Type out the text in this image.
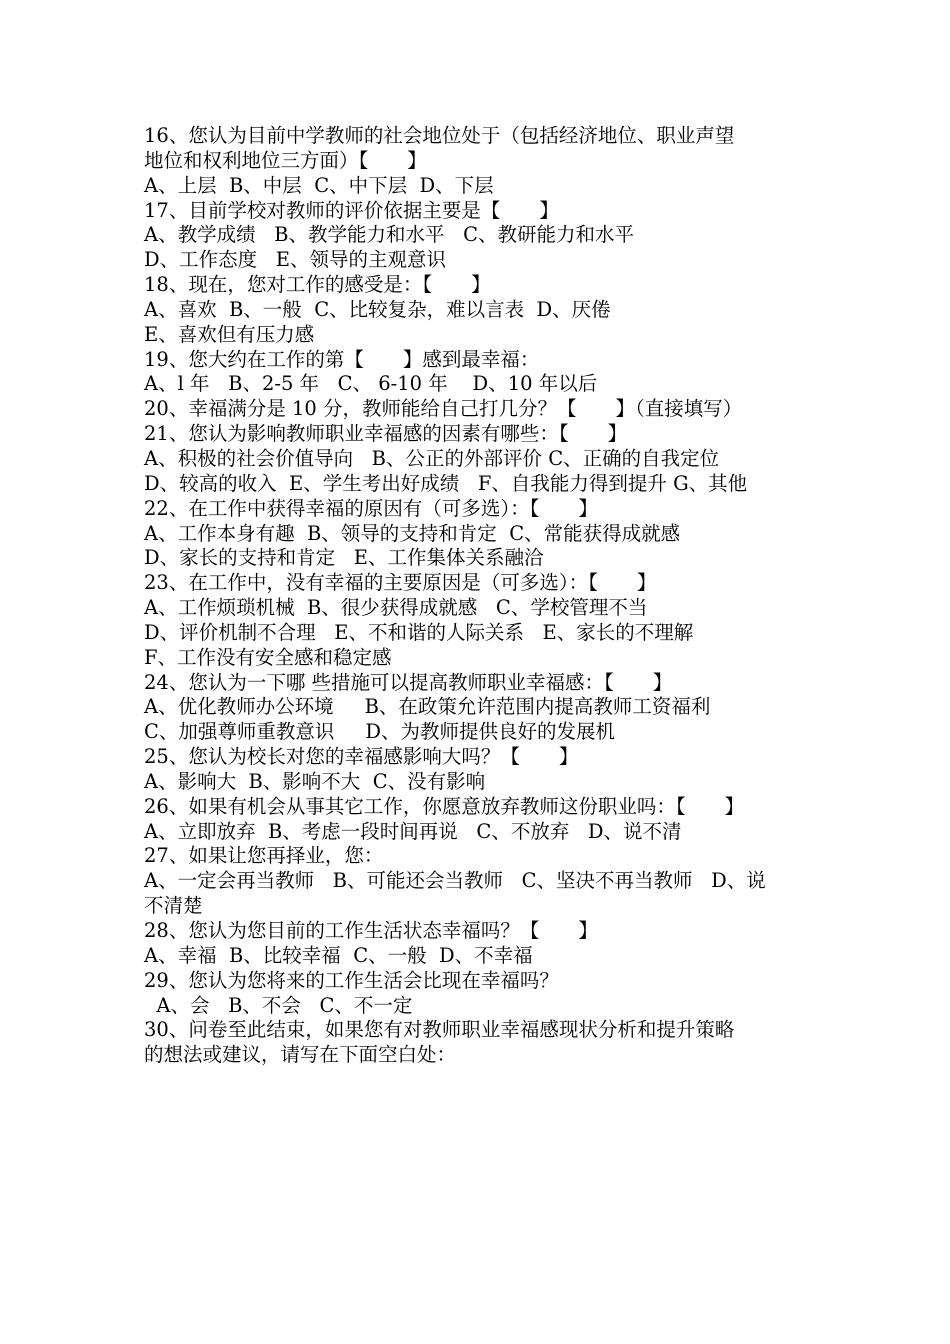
16、您认为目前中学教师的社会地位处于（包括经济地位、职业声望
地位和权利地位三方面）【　　】
A、上层  B、中层  C、中下层  D、下层
17、目前学校对教师的评价依据主要是【　　】
A、教学成绩   B、教学能力和水平   C、教研能力和水平
D、工作态度   E、领导的主观意识
18、现在，您对工作的感受是：【　　】
A、喜欢  B、一般  C、比较复杂，难以言表  D、厌倦
E、喜欢但有压力感
19、您大约在工作的第【　　】感到最幸福：
A、l 年   B、2-5 年   C、 6-10 年    D、10 年以后
20、幸福满分是 10 分，教师能给自己打几分？【　　】（直接填写）
21、您认为影响教师职业幸福感的因素有哪些：【　　】
A、积极的社会价值导向   B、公正的外部评价 C、正确的自我定位
D、较高的收入  E、学生考出好成绩   F、自我能力得到提升 G、其他
22、在工作中获得幸福的原因有（可多选）：【　　】
A、工作本身有趣  B、领导的支持和肯定  C、常能获得成就感
D、家长的支持和肯定   E、工作集体关系融洽
23、在工作中，没有幸福的主要原因是（可多选）：【　　】
A、工作烦琐机械  B、很少获得成就感   C、学校管理不当
D、评价机制不合理   E、不和谐的人际关系   E、家长的不理解
F、工作没有安全感和稳定感
24、您认为一下哪 些措施可以提高教师职业幸福感：【　　】
A、优化教师办公环境     B、在政策允许范围内提高教师工资福利
C、加强尊师重教意识     D、为教师提供良好的发展机
25、您认为校长对您的幸福感影响大吗？【　　】
A、影响大  B、影响不大  C、没有影响
26、如果有机会从事其它工作，你愿意放弃教师这份职业吗：【　　】
A、立即放弃  B、考虑一段时间再说   C、不放弃   D、说不清
27、如果让您再择业，您：
A、一定会再当教师   B、可能还会当教师   C、坚决不再当教师   D、说
不清楚
28、您认为您目前的工作生活状态幸福吗？【　　】
A、幸福  B、比较幸福  C、一般  D、不幸福
29、您认为您将来的工作生活会比现在幸福吗？
A、会   B、不会   C、不一定
30、问卷至此结束，如果您有对教师职业幸福感现状分析和提升策略
的想法或建议，请写在下面空白处：
